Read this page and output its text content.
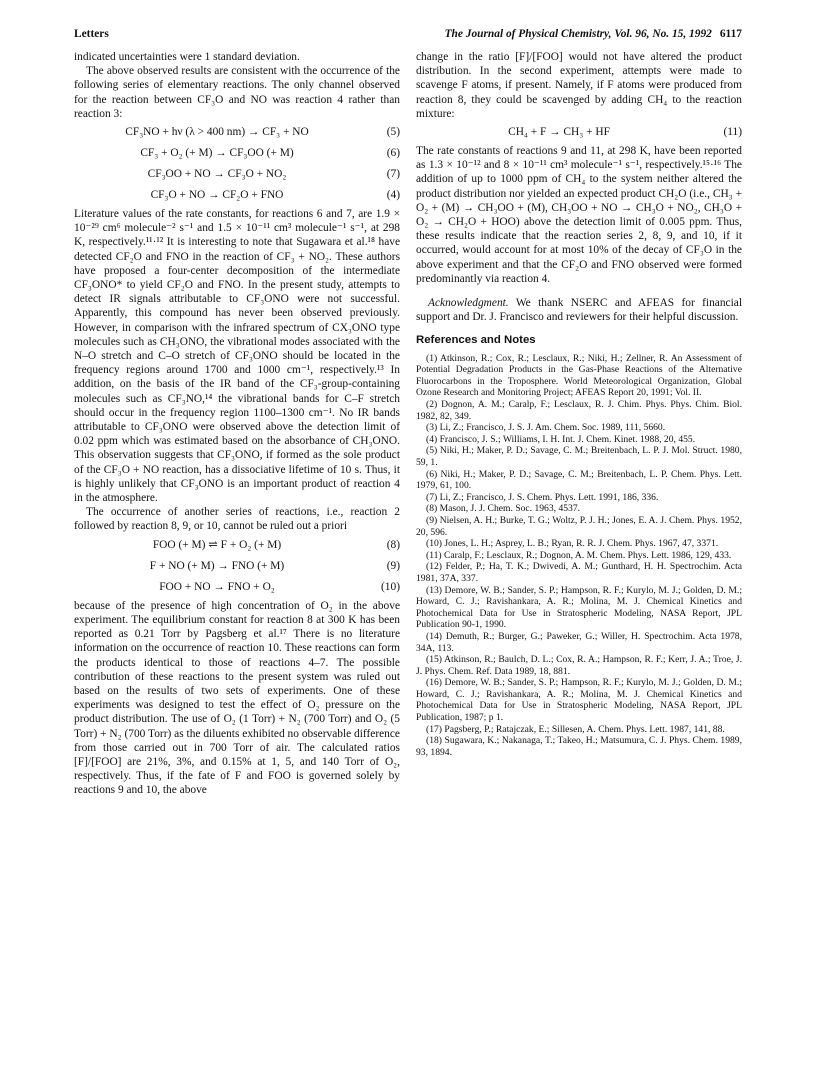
Letters	The Journal of Physical Chemistry, Vol. 96, No. 15, 1992 6117

indicated uncertainties were 1 standard deviation.

The above observed results are consistent with the occurrence of the following series of elementary reactions. The only channel observed for the reaction between CF₃O and NO was reaction 4 rather than reaction 3:

CF₃NO + hν (λ > 400 nm) → CF₃ + NO	(5)
CF₃ + O₂ (+ M) → CF₃OO (+ M)	(6)
CF₃OO + NO → CF₃O + NO₂	(7)
CF₃O + NO → CF₂O + FNO	(4)

Literature values of the rate constants, for reactions 6 and 7, are 1.9 × 10⁻²⁹ cm⁶ molecule⁻² s⁻¹ and 1.5 × 10⁻¹¹ cm³ molecule⁻¹ s⁻¹, at 298 K, respectively.¹¹·¹² It is interesting to note that Sugawara et al.¹⁸ have detected CF₂O and FNO in the reaction of CF₃ + NO₂. These authors have proposed a four-center decomposition of the intermediate CF₃ONO* to yield CF₂O and FNO. In the present study, attempts to detect IR signals attributable to CF₃ONO were not successful. Apparently, this compound has never been observed previously. However, in comparison with the infrared spectrum of CX₃ONO type molecules such as CH₃ONO, the vibrational modes associated with the N–O stretch and C–O stretch of CF₃ONO should be located in the frequency regions around 1700 and 1000 cm⁻¹, respectively.¹³ In addition, on the basis of the IR band of the CF₃-group-containing molecules such as CF₃NO,¹⁴ the vibrational bands for C–F stretch should occur in the frequency region 1100–1300 cm⁻¹. No IR bands attributable to CF₃ONO were observed above the detection limit of 0.02 ppm which was estimated based on the absorbance of CH₃ONO. This observation suggests that CF₃ONO, if formed as the sole product of the CF₃O + NO reaction, has a dissociative lifetime of 10 s. Thus, it is highly unlikely that CF₃ONO is an important product of reaction 4 in the atmosphere.

The occurrence of another series of reactions, i.e., reaction 2 followed by reaction 8, 9, or 10, cannot be ruled out a priori

FOO (+ M) ⇌ F + O₂ (+ M)	(8)
F + NO (+ M) → FNO (+ M)	(9)
FOO + NO → FNO + O₂	(10)

because of the presence of high concentration of O₂ in the above experiment. The equilibrium constant for reaction 8 at 300 K has been reported as 0.21 Torr by Pagsberg et al.¹⁷ There is no literature information on the occurrence of reaction 10. These reactions can form the products identical to those of reactions 4–7. The possible contribution of these reactions to the present system was ruled out based on the results of two sets of experiments. One of these experiments was designed to test the effect of O₂ pressure on the product distribution. The use of O₂ (1 Torr) + N₂ (700 Torr) and O₂ (5 Torr) + N₂ (700 Torr) as the diluents exhibited no observable difference from those carried out in 700 Torr of air. The calculated ratios [F]/[FOO] are 21%, 3%, and 0.15% at 1, 5, and 140 Torr of O₂, respectively. Thus, if the fate of F and FOO is governed solely by reactions 9 and 10, the above

change in the ratio [F]/[FOO] would not have altered the product distribution. In the second experiment, attempts were made to scavenge F atoms, if present. Namely, if F atoms were produced from reaction 8, they could be scavenged by adding CH₄ to the reaction mixture:

CH₄ + F → CH₃ + HF	(11)

The rate constants of reactions 9 and 11, at 298 K, have been reported as 1.3 × 10⁻¹² and 8 × 10⁻¹¹ cm³ molecule⁻¹ s⁻¹, respectively.¹⁵·¹⁶ The addition of up to 1000 ppm of CH₄ to the system neither altered the product distribution nor yielded an expected product CH₂O (i.e., CH₃ + O₂ + (M) → CH₃OO + (M), CH₃OO + NO → CH₃O + NO₂, CH₃O + O₂ → CH₂O + HOO) above the detection limit of 0.005 ppm. Thus, these results indicate that the reaction series 2, 8, 9, and 10, if it occurred, would account for at most 10% of the decay of CF₃O in the above experiment and that the CF₂O and FNO observed were formed predominantly via reaction 4.

Acknowledgment. We thank NSERC and AFEAS for financial support and Dr. J. Francisco and reviewers for their helpful discussion.

References and Notes

(1) Atkinson, R.; Cox, R.; Lesclaux, R.; Niki, H.; Zellner, R. An Assessment of Potential Degradation Products in the Gas-Phase Reactions of the Alternative Fluorocarbons in the Troposphere. World Meteorological Organization, Global Ozone Research and Monitoring Project; AFEAS Report 20, 1991; Vol. II.

(2) Dognon, A. M.; Caralp, F.; Lesclaux, R. J. Chim. Phys. Phys. Chim. Biol. 1982, 82, 349.

(3) Li, Z.; Francisco, J. S. J. Am. Chem. Soc. 1989, 111, 5660.

(4) Francisco, J. S.; Williams, I. H. Int. J. Chem. Kinet. 1988, 20, 455.

(5) Niki, H.; Maker, P. D.; Savage, C. M.; Breitenbach, L. P. J. Mol. Struct. 1980, 59, 1.

(6) Niki, H.; Maker, P. D.; Savage, C. M.; Breitenbach, L. P. Chem. Phys. Lett. 1979, 61, 100.

(7) Li, Z.; Francisco, J. S. Chem. Phys. Lett. 1991, 186, 336.

(8) Mason, J. J. Chem. Soc. 1963, 4537.

(9) Nielsen, A. H.; Burke, T. G.; Woltz, P. J. H.; Jones, E. A. J. Chem. Phys. 1952, 20, 596.

(10) Jones, L. H.; Asprey, L. B.; Ryan, R. R. J. Chem. Phys. 1967, 47, 3371.

(11) Caralp, F.; Lesclaux, R.; Dognon, A. M. Chem. Phys. Lett. 1986, 129, 433.

(12) Felder, P.; Ha, T. K.; Dwivedi, A. M.; Gunthard, H. H. Spectrochim. Acta 1981, 37A, 337.

(13) Demore, W. B.; Sander, S. P.; Hampson, R. F.; Kurylo, M. J.; Golden, D. M.; Howard, C. J.; Ravishankara, A. R.; Molina, M. J. Chemical Kinetics and Photochemical Data for Use in Stratospheric Modeling, NASA Report, JPL Publication 90-1, 1990.

(14) Demuth, R.; Burger, G.; Paweker, G.; Willer, H. Spectrochim. Acta 1978, 34A, 113.

(15) Atkinson, R.; Baulch, D. L.; Cox, R. A.; Hampson, R. F.; Kerr, J. A.; Troe, J. J. Phys. Chem. Ref. Data 1989, 18, 881.

(16) Demore, W. B.; Sander, S. P.; Hampson, R. F.; Kurylo, M. J.; Golden, D. M.; Howard, C. J.; Ravishankara, A. R.; Molina, M. J. Chemical Kinetics and Photochemical Data for Use in Stratospheric Modeling, NASA Report, JPL Publication, 1987; p 1.

(17) Pagsberg, P.; Ratajczak, E.; Sillesen, A. Chem. Phys. Lett. 1987, 141, 88.

(18) Sugawara, K.; Nakanaga, T.; Takeo, H.; Matsumura, C. J. Phys. Chem. 1989, 93, 1894.
